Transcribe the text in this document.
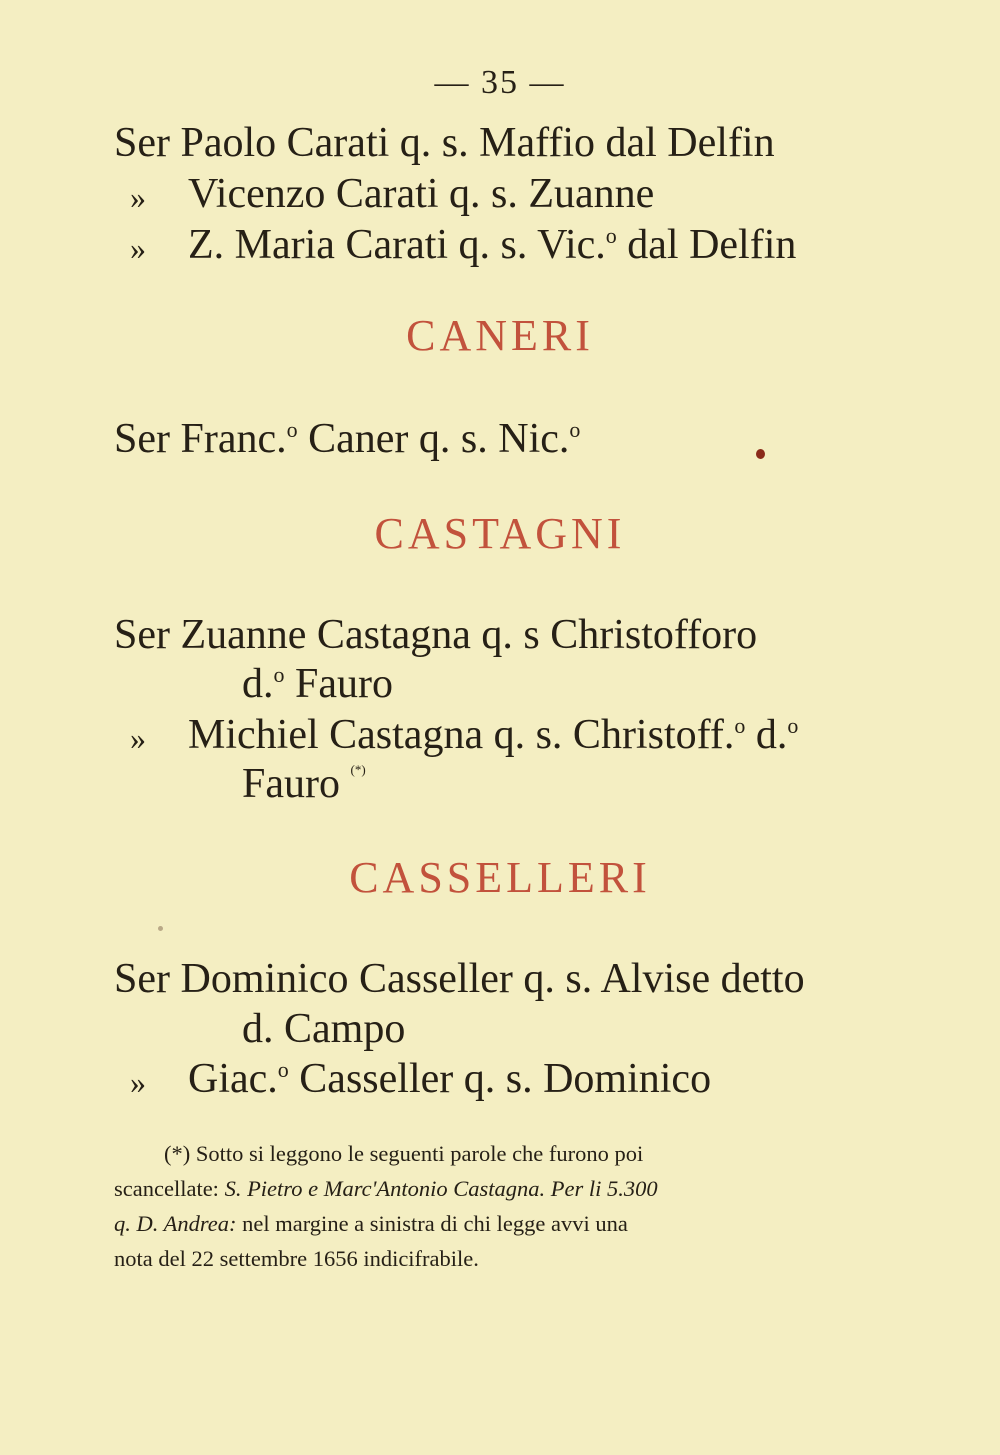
— 35 —
Ser Paolo Carati q. s. Maffio dal Delfin
» Vicenzo Carati q. s. Zuanne
» Z. Maria Carati q. s. Vic.$^o$ dal Delfin
CANERI
Ser Franc.$^o$ Caner q. s. Nic.$^o$
CASTAGNI
Ser Zuanne Castagna q. s Christofforo
d.$^o$ Fauro
» Michiel Castagna q. s. Christoff.$^o$ d.$^o$
Fauro (*)
CASSELLERI
Ser Dominico Casseller q. s. Alvise detto
d. Campo
» Giac.$^o$ Casseller q. s. Dominico
(*) Sotto si leggono le seguenti parole che furono poi
scancellate: S. Pietro e Marc'Antonio Castagna. Per li 5.300
q. D. Andrea: nel margine a sinistra di chi legge avvi una
nota del 22 settembre 1656 indicifrabile.
